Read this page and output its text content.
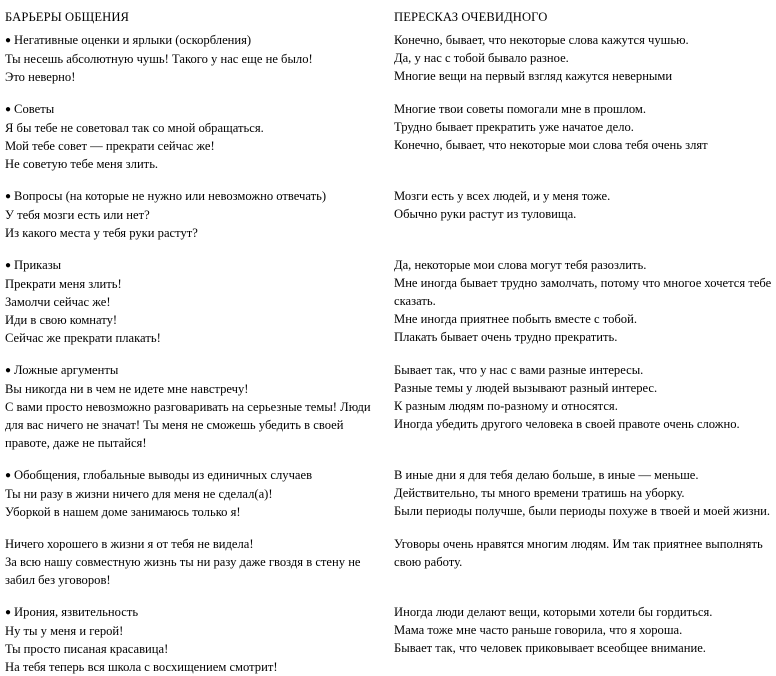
БАРЬЕРЫ ОБЩЕНИЯ
● Негативные оценки и ярлыки (оскорбления)
Ты несешь абсолютную чушь! Такого у нас еще не было!
Это неверно!
● Советы
Я бы тебе не советовал так со мной обращаться.
Мой тебе совет — прекрати сейчас же!
Не советую тебе меня злить.
● Вопросы (на которые не нужно или невозможно отвечать)
У тебя мозги есть или нет?
Из какого места у тебя руки растут?
● Приказы
Прекрати меня злить!
Замолчи сейчас же!
Иди в свою комнату!
Сейчас же прекрати плакать!
● Ложные аргументы
Вы никогда ни в чем не идете мне навстречу!
С вами просто невозможно разговаривать на серьезные темы! Люди для вас ничего не значат! Ты меня не сможешь убедить в своей правоте, даже не пытайся!
● Обобщения, глобальные выводы из единичных случаев
Ты ни разу в жизни ничего для меня не сделал(а)!
Уборкой в нашем доме занимаюсь только я!
Ничего хорошего в жизни я от тебя не видела!
За всю нашу совместную жизнь ты ни разу даже гвоздя в стену не забил без уговоров!
● Ирония, язвительность
Ну ты у меня и герой!
Ты просто писаная красавица!
На тебя теперь вся школа с восхищением смотрит!
ПЕРЕСКАЗ ОЧЕВИДНОГО
Конечно, бывает, что некоторые слова кажутся чушью.
Да, у нас с тобой бывало разное.
Многие вещи на первый взгляд кажутся неверными
Многие твои советы помогали мне в прошлом.
Трудно бывает прекратить уже начатое дело.
Конечно, бывает, что некоторые мои слова тебя очень злят
Мозги есть у всех людей, и у меня тоже.
Обычно руки растут из туловища.
Да, некоторые мои слова могут тебя разозлить.
Мне иногда бывает трудно замолчать, потому что многое хочется тебе сказать.
Мне иногда приятнее побыть вместе с тобой.
Плакать бывает очень трудно прекратить.
Бывает так, что у нас с вами разные интересы.
Разные темы у людей вызывают разный интерес.
К разным людям по-разному и относятся.
Иногда убедить другого человека в своей правоте очень сложно.
В иные дни я для тебя делаю больше, в иные — меньше.
Действительно, ты много времени тратишь на уборку.
Были периоды получше, были периоды похуже в твоей и моей жизни.
Уговоры очень нравятся многим людям. Им так приятнее выполнять свою работу.
Иногда люди делают вещи, которыми хотели бы гордиться.
Мама тоже мне часто раньше говорила, что я хороша.
Бывает так, что человек приковывает всеобщее внимание.
